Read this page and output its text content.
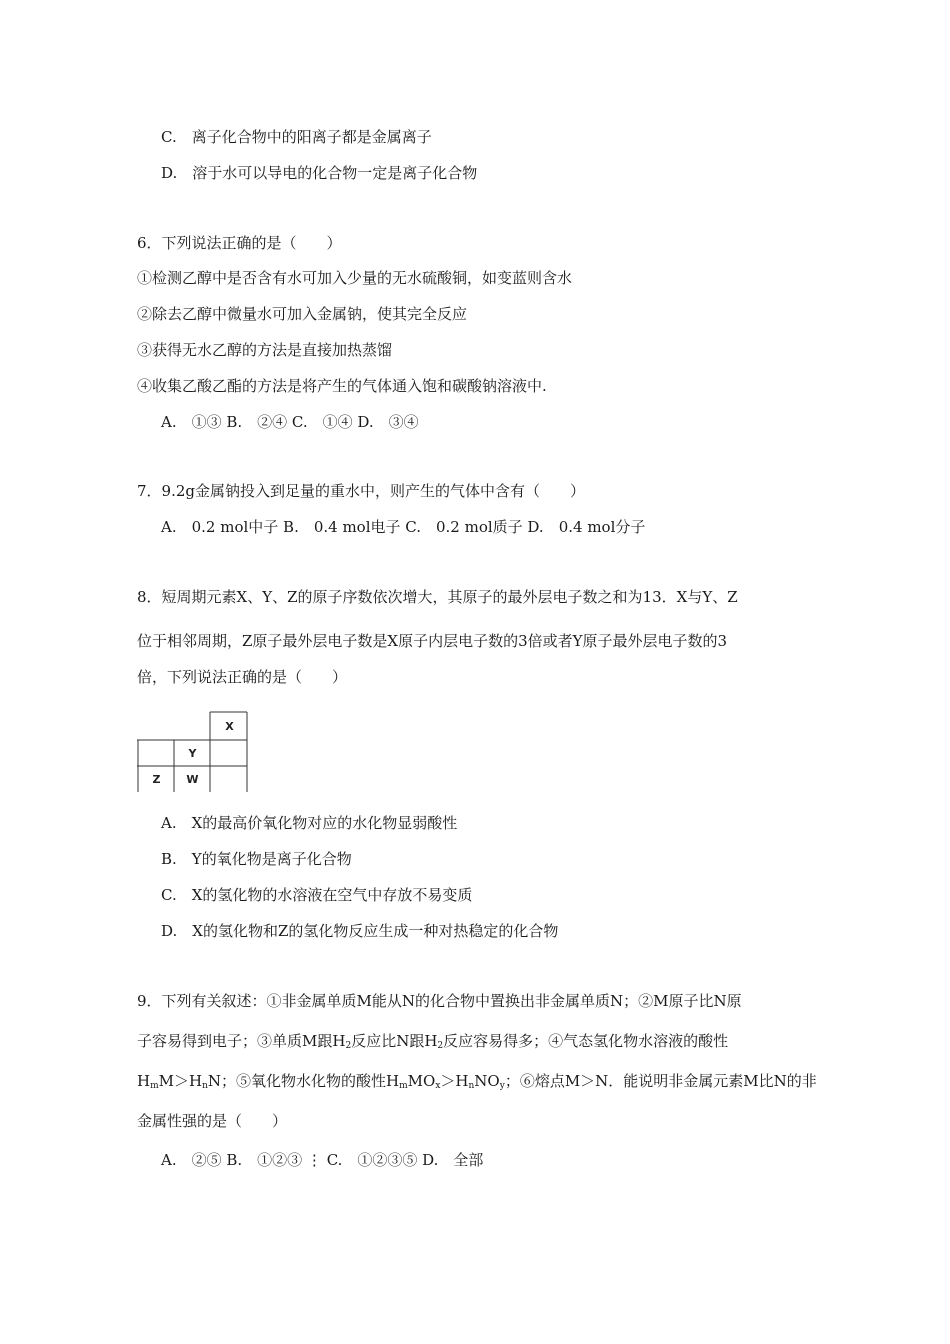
C.　离子化合物中的阳离子都是金属离子
D.　溶于水可以导电的化合物一定是离子化合物
6．下列说法正确的是（　　）
①检测乙醇中是否含有水可加入少量的无水硫酸铜，如变蓝则含水
②除去乙醇中微量水可加入金属钠，使其完全反应
③获得无水乙醇的方法是直接加热蒸馏
④收集乙酸乙酯的方法是将产生的气体通入饱和碳酸钠溶液中.
A.　①③ B.　②④ C.　①④ D.　③④
7．9.2g金属钠投入到足量的重水中，则产生的气体中含有（　　）
A.　0.2 mol中子 B.　0.4 mol电子 C.　0.2 mol质子 D.　0.4 mol分子
8．短周期元素X、Y、Z的原子序数依次增大，其原子的最外层电子数之和为13．X与Y、Z
位于相邻周期，Z原子最外层电子数是X原子内层电子数的3倍或者Y原子最外层电子数的3
倍，下列说法正确的是（　　）
X
Y
Z	W
A.　X的最高价氧化物对应的水化物显弱酸性
B.　Y的氧化物是离子化合物
C.　X的氢化物的水溶液在空气中存放不易变质
D.　X的氢化物和Z的氢化物反应生成一种对热稳定的化合物
9．下列有关叙述：①非金属单质M能从N的化合物中置换出非金属单质N；②M原子比N原
子容易得到电子；③单质M跟$H_2$反应比N跟$H_2$反应容易得多；④气态氢化物水溶液的酸性
$H_mM>H_nN$；⑤氧化物水化物的酸性$H_mMO_x>H_nNO_y$；⑥熔点M＞N．能说明非金属元素M比N的非
金属性强的是（　　）
A.　②⑤ B.　①②③ ⋮ C.　①②③⑤ D.　全部
